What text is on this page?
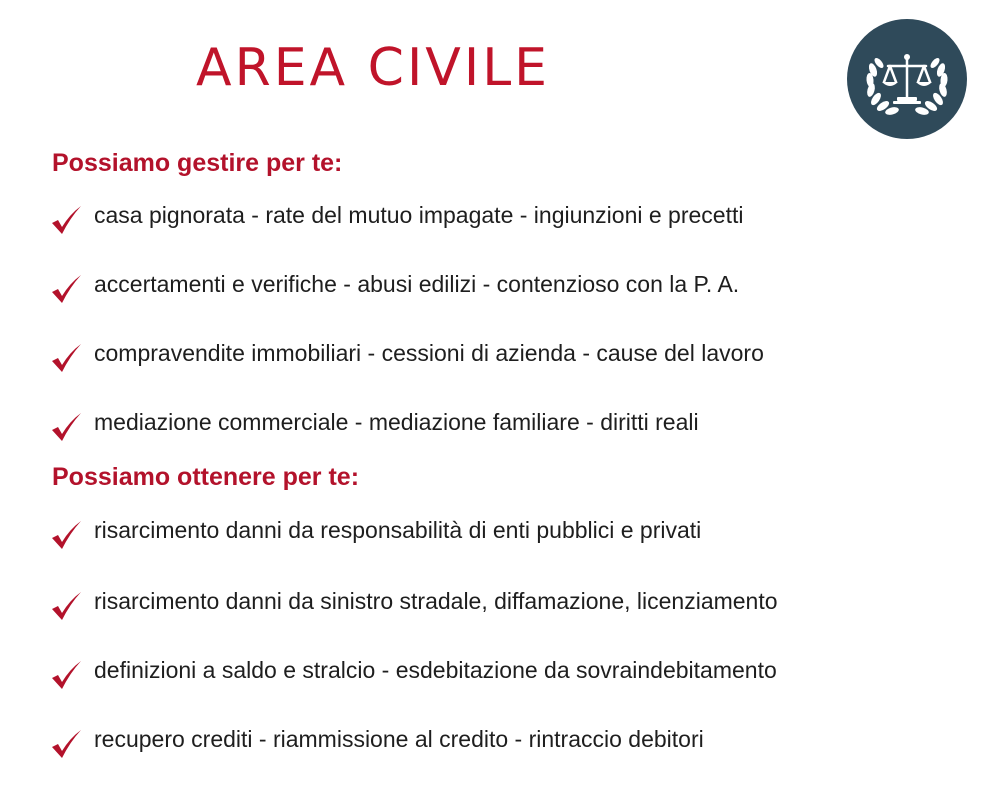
AREA CIVILE
Possiamo gestire per te:
casa pignorata - rate del mutuo impagate - ingiunzioni e precetti
accertamenti e verifiche - abusi edilizi - contenzioso con la P. A.
compravendite immobiliari - cessioni di azienda - cause del lavoro
mediazione commerciale - mediazione familiare - diritti reali
Possiamo ottenere per te:
risarcimento danni da responsabilità di enti pubblici e privati
risarcimento danni da sinistro stradale, diffamazione, licenziamento
definizioni a saldo e stralcio - esdebitazione da sovraindebitamento
recupero crediti - riammissione al credito - rintraccio debitori
